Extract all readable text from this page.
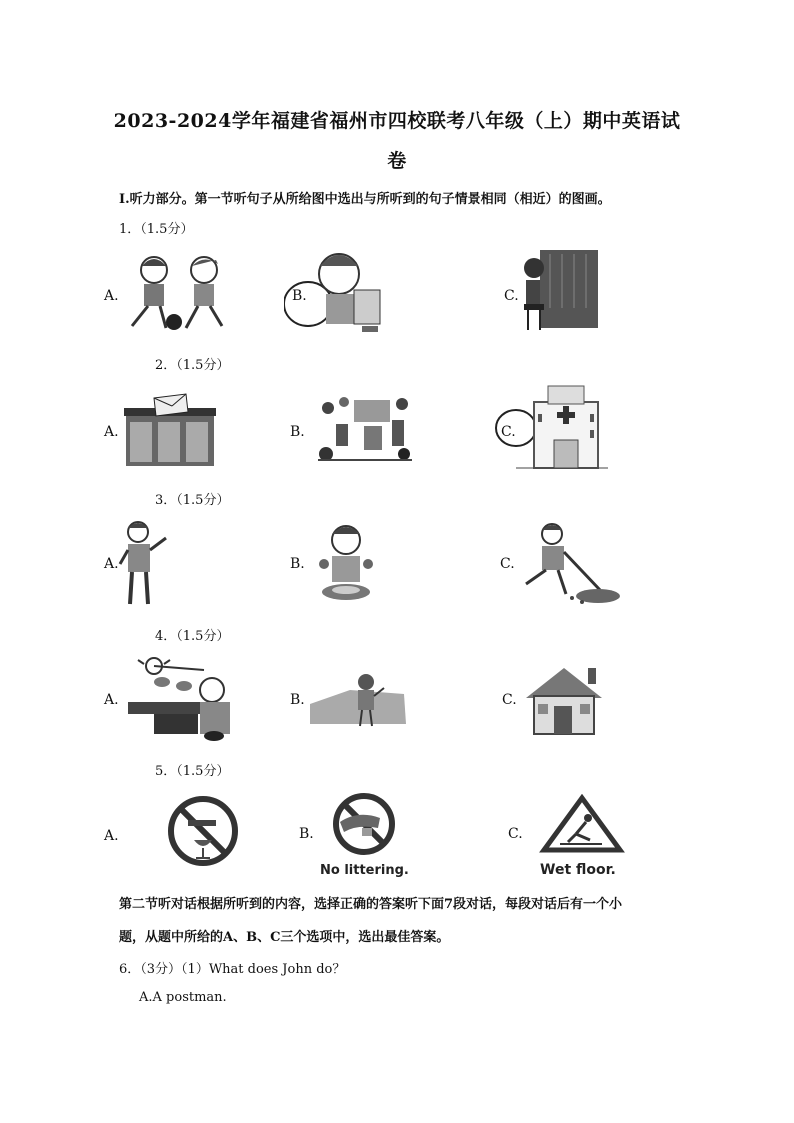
2023-2024学年福建省福州市四校联考八年级（上）期中英语试
卷
Ⅰ.听力部分。第一节听句子从所给图中选出与所听到的句子情景相同（相近）的图画。
1．（1.5分）
A.	B.	C.
2．（1.5分）
A.	B.	C.
3．（1.5分）
A.	B.	C.
4．（1.5分）
A.	B.	C.
5．（1.5分）
A.	B.
No littering.
C.
Wet floor.
第二节听对话根据所听到的内容，选择正确的答案听下面7段对话，每段对话后有一个小
题，从题中所给的A、B、C三个选项中，选出最佳答案。
6．（3分）（1）What does John do？
A.A postman.
